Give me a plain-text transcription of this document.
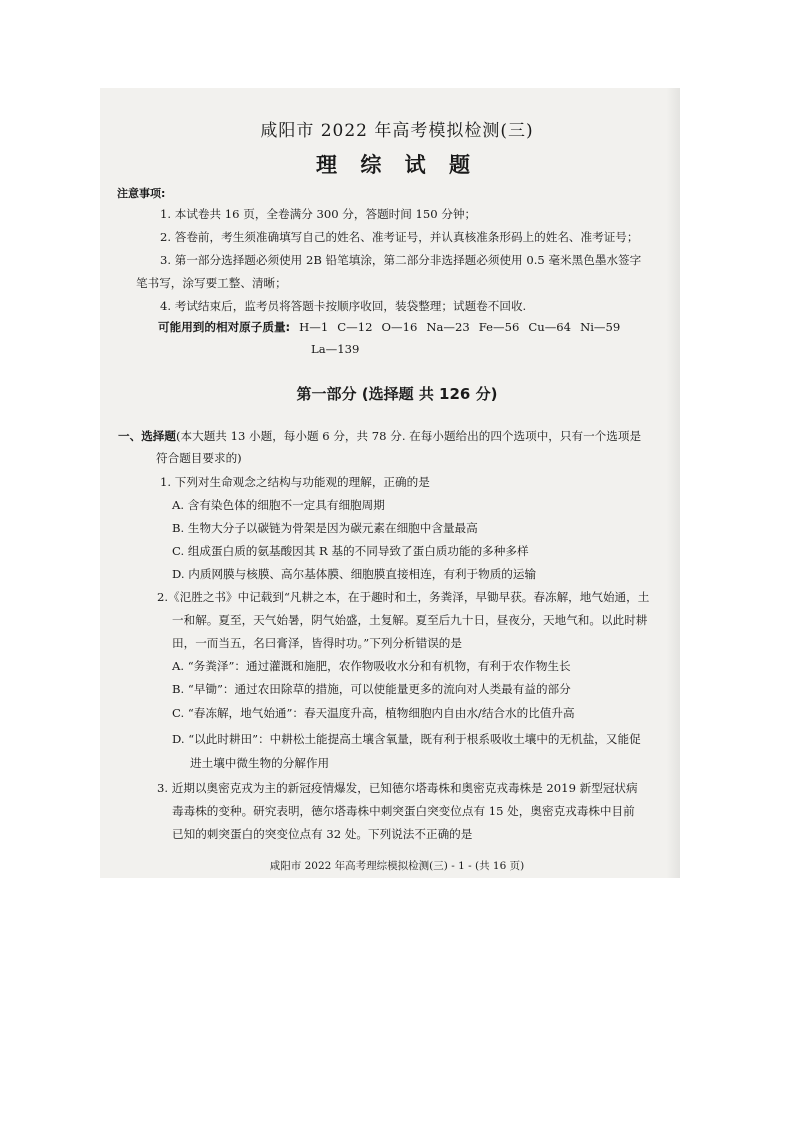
咸阳市 2022 年高考模拟检测(三)
理 综 试 题
注意事项:
1. 本试卷共 16 页，全卷满分 300 分，答题时间 150 分钟；
2. 答卷前，考生须准确填写自己的姓名、准考证号，并认真核准条形码上的姓名、准考证号；
3. 第一部分选择题必须使用 2B 铅笔填涂，第二部分非选择题必须使用 0.5 毫米黑色墨水签字
笔书写，涂写要工整、清晰；
4. 考试结束后，监考员将答题卡按顺序收回，装袋整理；试题卷不回收.
可能用到的相对原子质量: H—1 C—12 O—16 Na—23 Fe—56 Cu—64 Ni—59
La—139
第一部分 (选择题 共 126 分)
一、选择题(本大题共 13 小题，每小题 6 分，共 78 分. 在每小题给出的四个选项中，只有一个选项是
符合题目要求的)
1. 下列对生命观念之结构与功能观的理解，正确的是
A. 含有染色体的细胞不一定具有细胞周期
B. 生物大分子以碳链为骨架是因为碳元素在细胞中含量最高
C. 组成蛋白质的氨基酸因其 R 基的不同导致了蛋白质功能的多种多样
D. 内质网膜与核膜、高尔基体膜、细胞膜直接相连，有利于物质的运输
2.《氾胜之书》中记载到“凡耕之本，在于趣时和土，务粪泽，早锄早获。春冻解，地气始通，土
一和解。夏至，天气始暑，阴气始盛，土复解。夏至后九十日，昼夜分，天地气和。以此时耕
田，一而当五，名曰膏泽，皆得时功。”下列分析错误的是
A. “务粪泽”：通过灌溉和施肥，农作物吸收水分和有机物，有利于农作物生长
B. “早锄”：通过农田除草的措施，可以使能量更多的流向对人类最有益的部分
C. “春冻解，地气始通”：春天温度升高，植物细胞内自由水/结合水的比值升高
D. “以此时耕田”：中耕松土能提高土壤含氧量，既有利于根系吸收土壤中的无机盐，又能促
进土壤中微生物的分解作用
3. 近期以奥密克戎为主的新冠疫情爆发，已知德尔塔毒株和奥密克戎毒株是 2019 新型冠状病
毒毒株的变种。研究表明，德尔塔毒株中刺突蛋白突变位点有 15 处，奥密克戎毒株中目前
已知的刺突蛋白的突变位点有 32 处。下列说法不正确的是
咸阳市 2022 年高考理综模拟检测(三) - 1 - (共 16 页)
